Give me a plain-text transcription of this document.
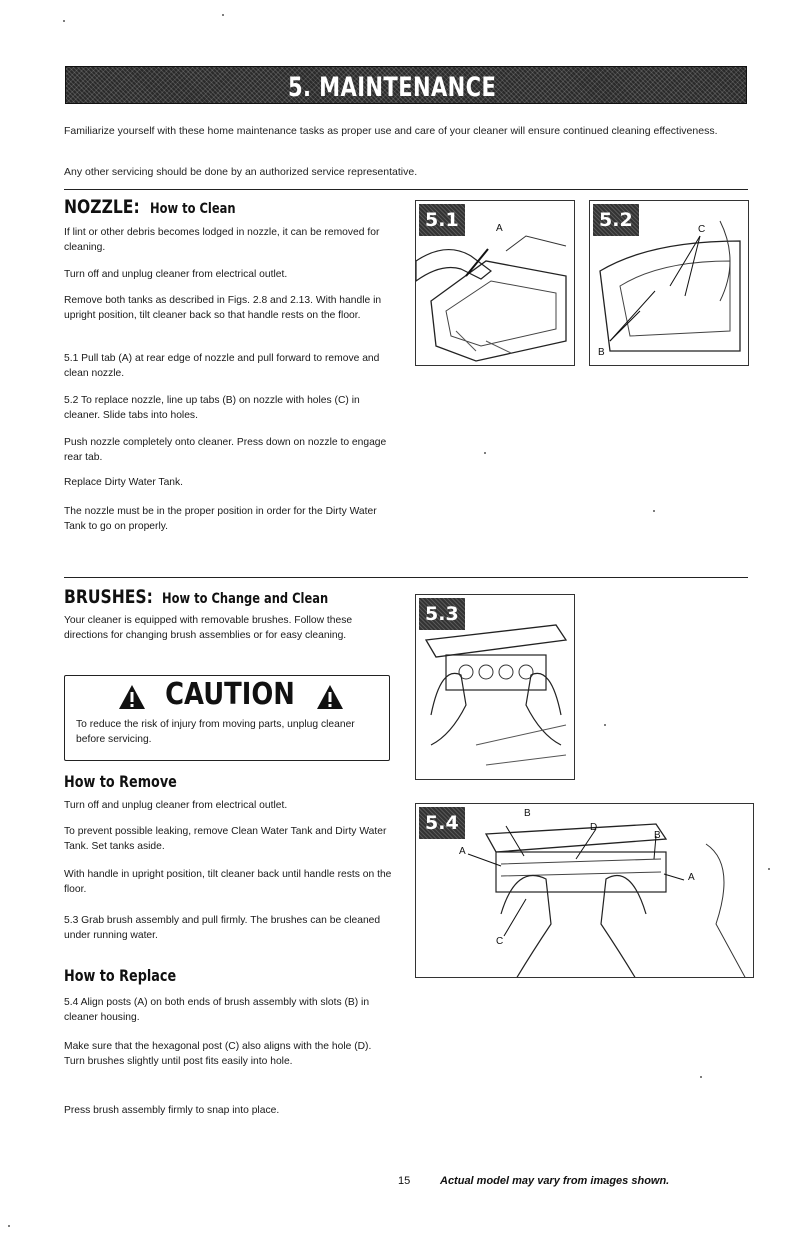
5. MAINTENANCE

Familiarize yourself with these home maintenance tasks as proper use and care of your cleaner will ensure continued cleaning effectiveness.

Any other servicing should be done by an authorized service representative.

NOZZLE: How to Clean

If lint or other debris becomes lodged in nozzle, it can be removed for cleaning.

Turn off and unplug cleaner from electrical outlet.

Remove both tanks as described in Figs. 2.8 and 2.13. With handle in upright position, tilt cleaner back so that handle rests on the floor.

5.1 Pull tab (A) at rear edge of nozzle and pull forward to remove and clean nozzle.

5.2 To replace nozzle, line up tabs (B) on nozzle with holes (C) in cleaner. Slide tabs into holes.

Push nozzle completely onto cleaner. Press down on nozzle to engage rear tab.

Replace Dirty Water Tank.

The nozzle must be in the proper position in order for the Dirty Water Tank to go on properly.

BRUSHES: How to Change and Clean

Your cleaner is equipped with removable brushes. Follow these directions for changing brush assemblies or for easy cleaning.

CAUTION

To reduce the risk of injury from moving parts, unplug cleaner before servicing.

How to Remove

Turn off and unplug cleaner from electrical outlet.

To prevent possible leaking, remove Clean Water Tank and Dirty Water Tank. Set tanks aside.

With handle in upright position, tilt cleaner back until handle rests on the floor.

5.3 Grab brush assembly and pull firmly. The brushes can be cleaned under running water.

How to Replace

5.4 Align posts (A) on both ends of brush assembly with slots (B) in cleaner housing.

Make sure that the hexagonal post (C) also aligns with the hole (D). Turn brushes slightly until post fits easily into hole.

Press brush assembly firmly to snap into place.

5.1	A	5.2	C
B
5.3
5.4	B
D
B
A
A
C
15	Actual model may vary from images shown.
